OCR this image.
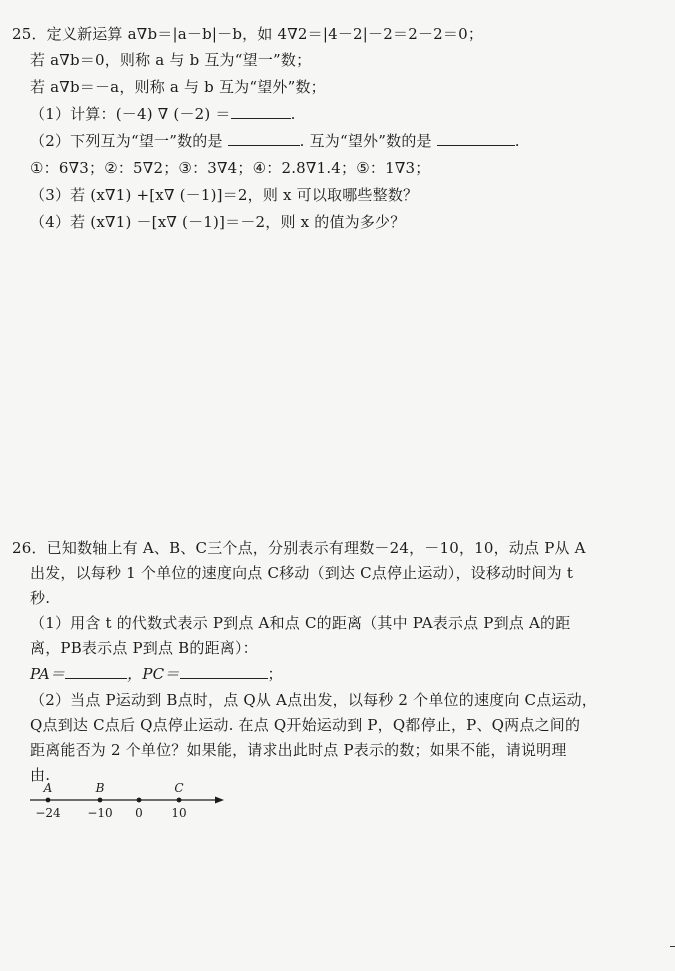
25．定义新运算 a∇b＝|a－b|－b，如 4∇2＝|4－2|－2＝2－2＝0；
若 a∇b＝0，则称 a 与 b 互为“望一”数；
若 a∇b＝－a，则称 a 与 b 互为“望外”数；
（1）计算：(－4) ∇ (－2) ＝	.
（2）下列互为“望一”数的是	. 互为“望外”数的是	.
①：6∇3；②：5∇2；③：3∇4；④：2.8∇1.4；⑤：1∇3；
（3）若 (x∇1) +[x∇ (－1)]＝2，则 x 可以取哪些整数？
（4）若 (x∇1) －[x∇ (－1)]＝－2，则 x 的值为多少？
26．已知数轴上有 A、B、C三个点，分别表示有理数－24，－10，10，动点 P从 A
出发，以每秒 1 个单位的速度向点 C移动（到达 C点停止运动），设移动时间为 t
秒.
（1）用含 t 的代数式表示 P到点 A和点 C的距离（其中 PA表示点 P到点 A的距
离，PB表示点 P到点 B的距离）：
PA＝	，PC＝	；
（2）当点 P运动到 B点时，点 Q从 A点出发，以每秒 2 个单位的速度向 C点运动，
Q点到达 C点后 Q点停止运动. 在点 Q开始运动到 P，Q都停止，P、Q两点之间的
距离能否为 2 个单位？如果能，请求出此时点 P表示的数；如果不能，请说明理
由.
A
−24
B
−10 0
C
10
